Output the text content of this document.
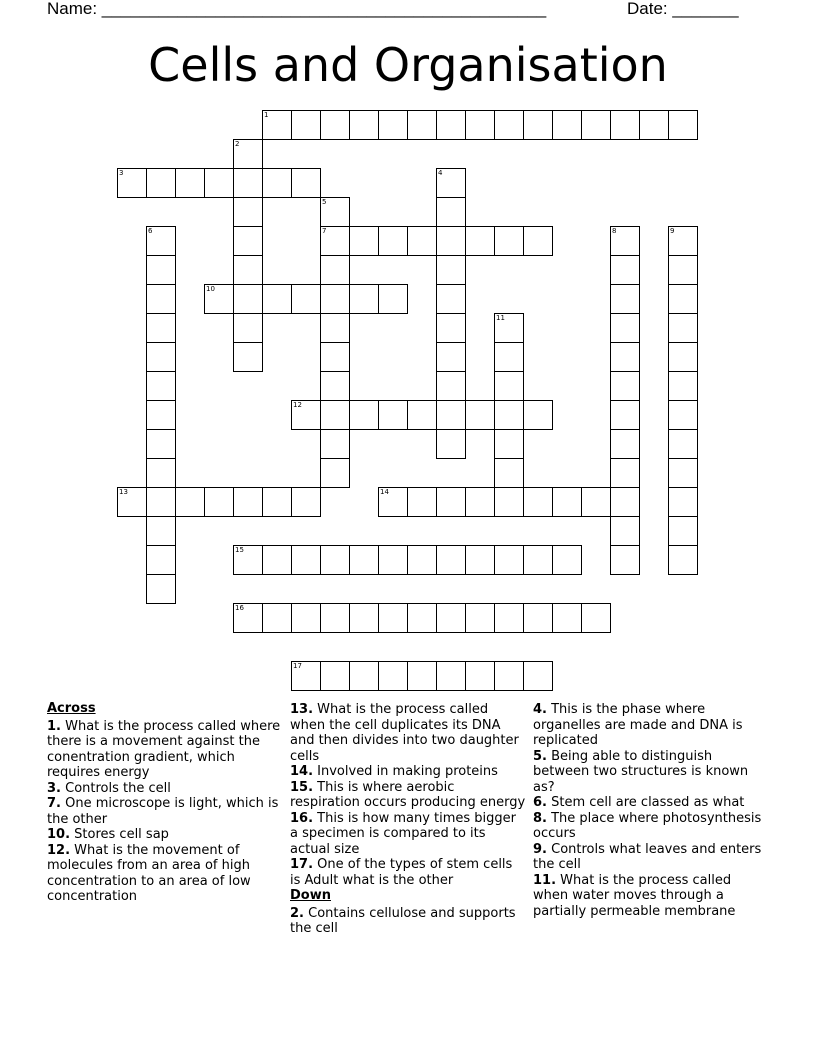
Name: _______________________________________________	Date: _______
Cells and Organisation
1
2
3	4
5
7
6	8	9
10
11
12
13	14
15
16
17
Across
1. What is the process called where there is a movement against the conentration gradient, which requires energy
3. Controls the cell
7. One microscope is light, which is the other
10. Stores cell sap
12. What is the movement of molecules from an area of high concentration to an area of low concentration
13. What is the process called when the cell duplicates its DNA and then divides into two daughter cells
14. Involved in making proteins
15. This is where aerobic respiration occurs producing energy
16. This is how many times bigger a specimen is compared to its actual size
17. One of the types of stem cells is Adult what is the other
Down
2. Contains cellulose and supports the cell
4. This is the phase where organelles are made and DNA is replicated
5. Being able to distinguish between two structures is known as?
6. Stem cell are classed as what
8. The place where photosynthesis occurs
9. Controls what leaves and enters the cell
11. What is the process called when water moves through a partially permeable membrane
